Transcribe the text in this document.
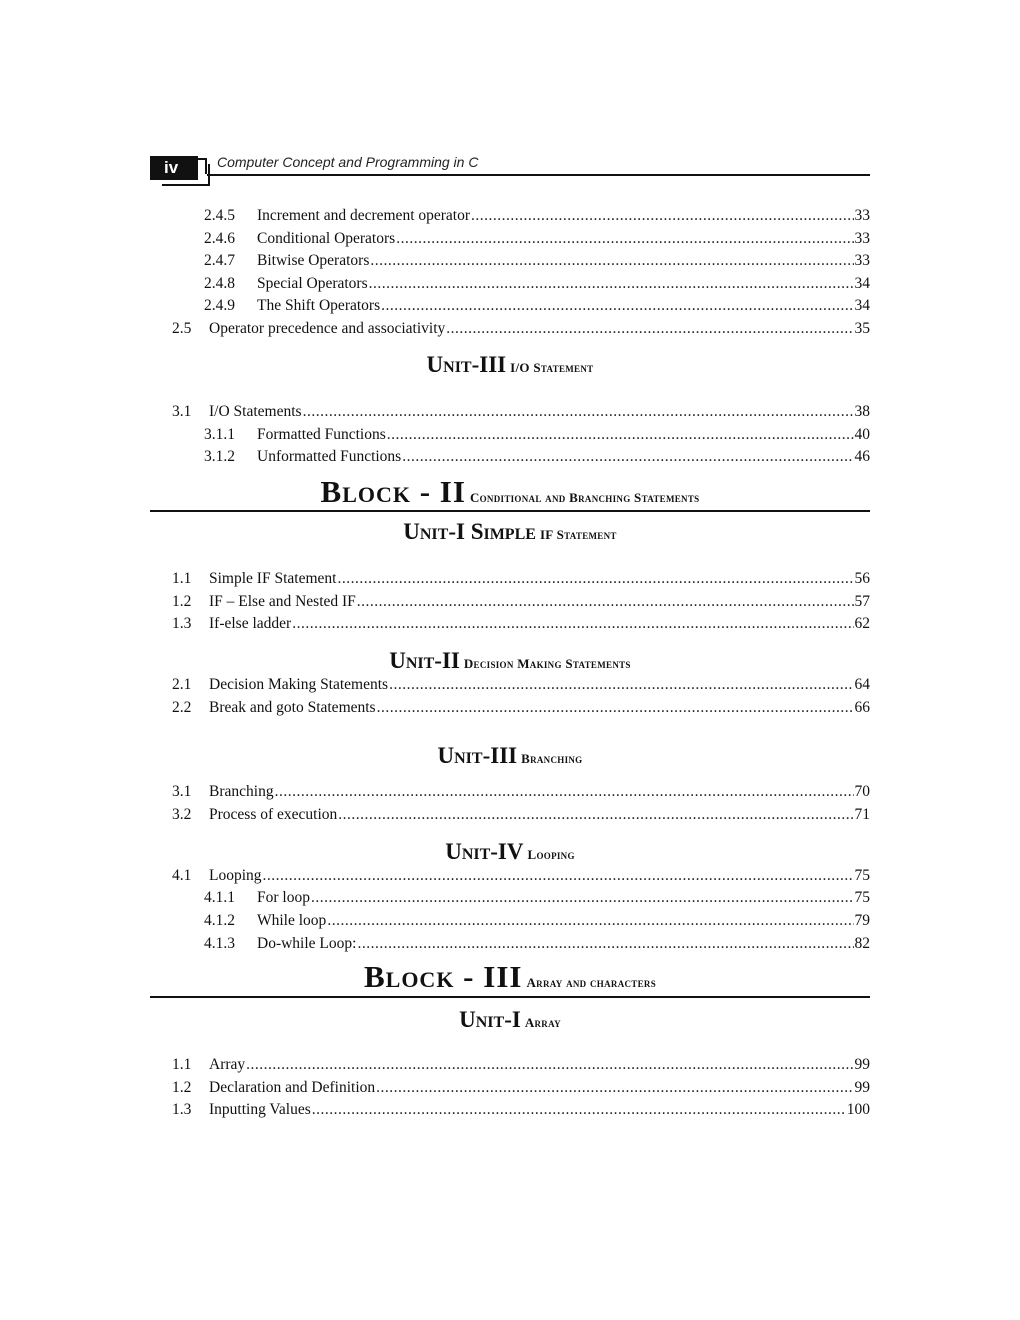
iv	Computer Concept and Programming in C
2.4.5	Increment and decrement operator .....	33
2.4.6	Conditional Operators .....	33
2.4.7	Bitwise Operators .....	33
2.4.8	Special Operators .....	34
2.4.9	The Shift Operators .....	34
2.5	Operator precedence and associativity .....	35
Unit-III I/O Statement
3.1	I/O Statements .....	38
3.1.1	Formatted Functions .....	40
3.1.2	Unformatted Functions .....	46
Block - II Conditional and Branching Statements
Unit-I Simple IF Statement
1.1	Simple IF Statement .....	56
1.2	IF – Else and Nested IF .....	57
1.3	If-else ladder .....	62
Unit-II Decision Making Statements
2.1	Decision Making Statements .....	64
2.2	Break and goto Statements .....	66
Unit-III Branching
3.1	Branching .....	70
3.2	Process of execution .....	71
Unit-IV Looping
4.1	Looping .....	75
4.1.1	For loop .....	75
4.1.2	While loop .....	79
4.1.3	Do-while Loop: .....	82
Block - III Array and characters
Unit-I Array
1.1	Array .....	99
1.2	Declaration and Definition .....	99
1.3	Inputting Values .....	100
